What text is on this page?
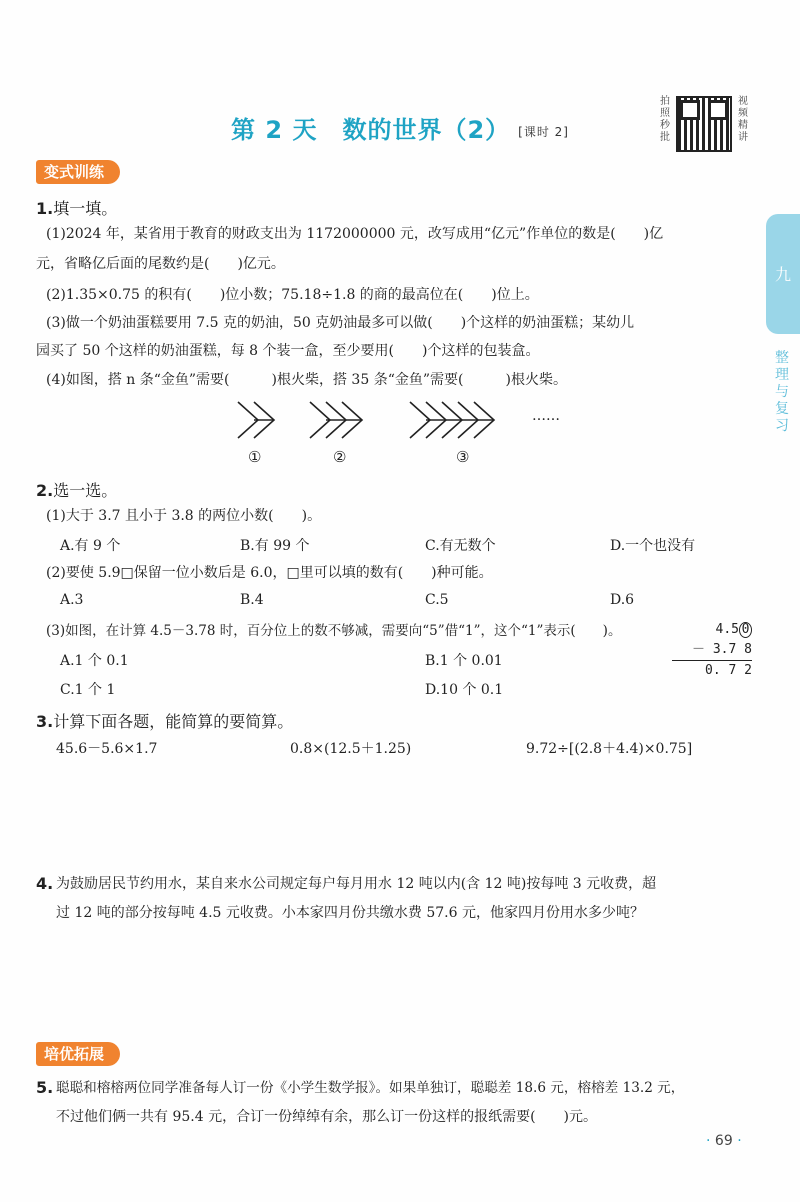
第 2 天　数的世界（2） [课时 2]
拍照秒批
视频精讲
九
整理与复习
变式训练
1.填一填。
(1)2024 年，某省用于教育的财政支出为 1172000000 元，改写成用“亿元”作单位的数是(　　)亿
元，省略亿后面的尾数约是(　　)亿元。
(2)1.35×0.75 的积有(　　)位小数；75.18÷1.8 的商的最高位在(　　)位上。
(3)做一个奶油蛋糕要用 7.5 克的奶油，50 克奶油最多可以做(　　)个这样的奶油蛋糕；某幼儿
园买了 50 个这样的奶油蛋糕，每 8 个装一盒，至少要用(　　)个这样的包装盒。
(4)如图，搭 n 条“金鱼”需要(　　　)根火柴，搭 35 条“金鱼”需要(　　　)根火柴。
……
①	②	③
2.选一选。
(1)大于 3.7 且小于 3.8 的两位小数(　　)。
A.有 9 个	B.有 99 个	C.有无数个	D.一个也没有
(2)要使 5.9□保留一位小数后是 6.0，□里可以填的数有(　　)种可能。
A.3	B.4	C.5	D.6
(3)如图，在计算 4.5－3.78 时，百分位上的数不够减，需要向“5”借“1”，这个“1”表示(　　)。
A.1 个 0.1	B.1 个 0.01
C.1 个 1	D.10 个 0.1
4.5 0
－ 3.7 8
0. 7 2
3.计算下面各题，能简算的要简算。
45.6－5.6×1.7	0.8×(12.5＋1.25)	9.72÷[(2.8＋4.4)×0.75]
4. 为鼓励居民节约用水，某自来水公司规定每户每月用水 12 吨以内(含 12 吨)按每吨 3 元收费，超
过 12 吨的部分按每吨 4.5 元收费。小本家四月份共缴水费 57.6 元，他家四月份用水多少吨？
培优拓展
5. 聪聪和榕榕两位同学准备每人订一份《小学生数学报》。如果单独订，聪聪差 18.6 元，榕榕差 13.2 元，
不过他们俩一共有 95.4 元，合订一份绰绰有余，那么订一份这样的报纸需要(　　)元。
· 69 ·
